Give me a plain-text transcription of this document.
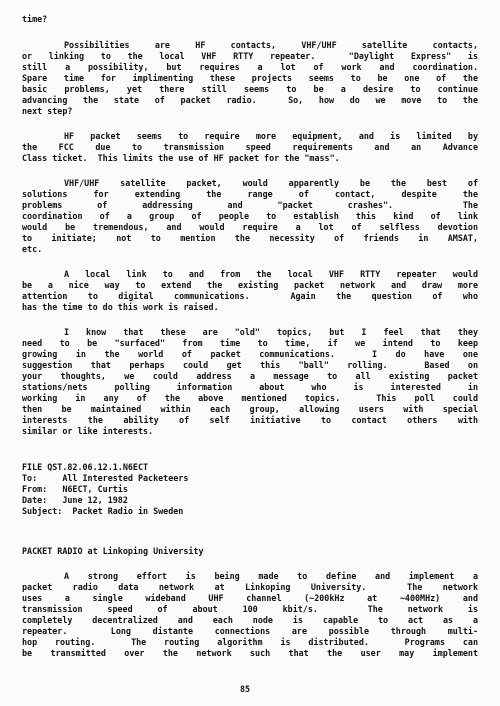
time?
Possibilities are HF contacts, VHF/UHF satellite contacts,
or linking to the local VHF RTTY repeater.  "Daylight Express" is
still a possibility, but requires a lot of work and coordination.
Spare time for implimenting these projects seems to be one of the
basic problems, yet there still seems to be a desire to continue
advancing the state of packet radio.  So, how do we move to the
next step?
HF packet seems to require more equipment, and is limited by
the FCC due to transmission speed requirements and an Advance
Class ticket.  This limits the use of HF packet for the "mass".
VHF/UHF satellite packet, would apparently be the best of
solutions for extending the range of contact, despite the
problems of addressing and "packet crashes".  The
coordination of a group of people to establish this kind of link
would be tremendous, and would require a lot of selfless devotion
to initiate; not to mention the necessity of friends in AMSAT,
etc.
A local link to and from the local VHF RTTY repeater would
be a nice way to extend the existing packet network and draw more
attention to digital communications.  Again the question of who
has the time to do this work is raised.
I know that these are "old" topics, but I feel that they
need to be "surfaced" from time to time, if we intend to keep
growing in the world of packet communications.  I do have one
suggestion that perhaps could get this "ball" rolling.  Based on
your thoughts, we could address a message to all existing packet
stations/nets polling information about who is interested in
working in any of the above mentioned topics.  This poll could
then be maintained within each group, allowing users with special
interests the ability of self initiative to contact others with
similar or like interests.
FILE QST.82.06.12.1.N6ECT
To:     All Interested Packeteers
From:   N6ECT, Curtis
Date:   June 12, 1982
Subject:  Packet Radio in Sweden
PACKET RADIO at Linkoping University
A strong effort is being made to define and implement a
packet radio data network at Linkoping University.  The network
uses a single wideband UHF channel (~200kHz at ~400MHz) and
transmission speed of about 100 kbit/s.  The network is
completely decentralized and each node is capable to act as a
repeater.  Long distante connections are possible through multi-
hop routing.  The routing algorithm is distributed.  Programs can
be transmitted over the network such that the user may implement
85
